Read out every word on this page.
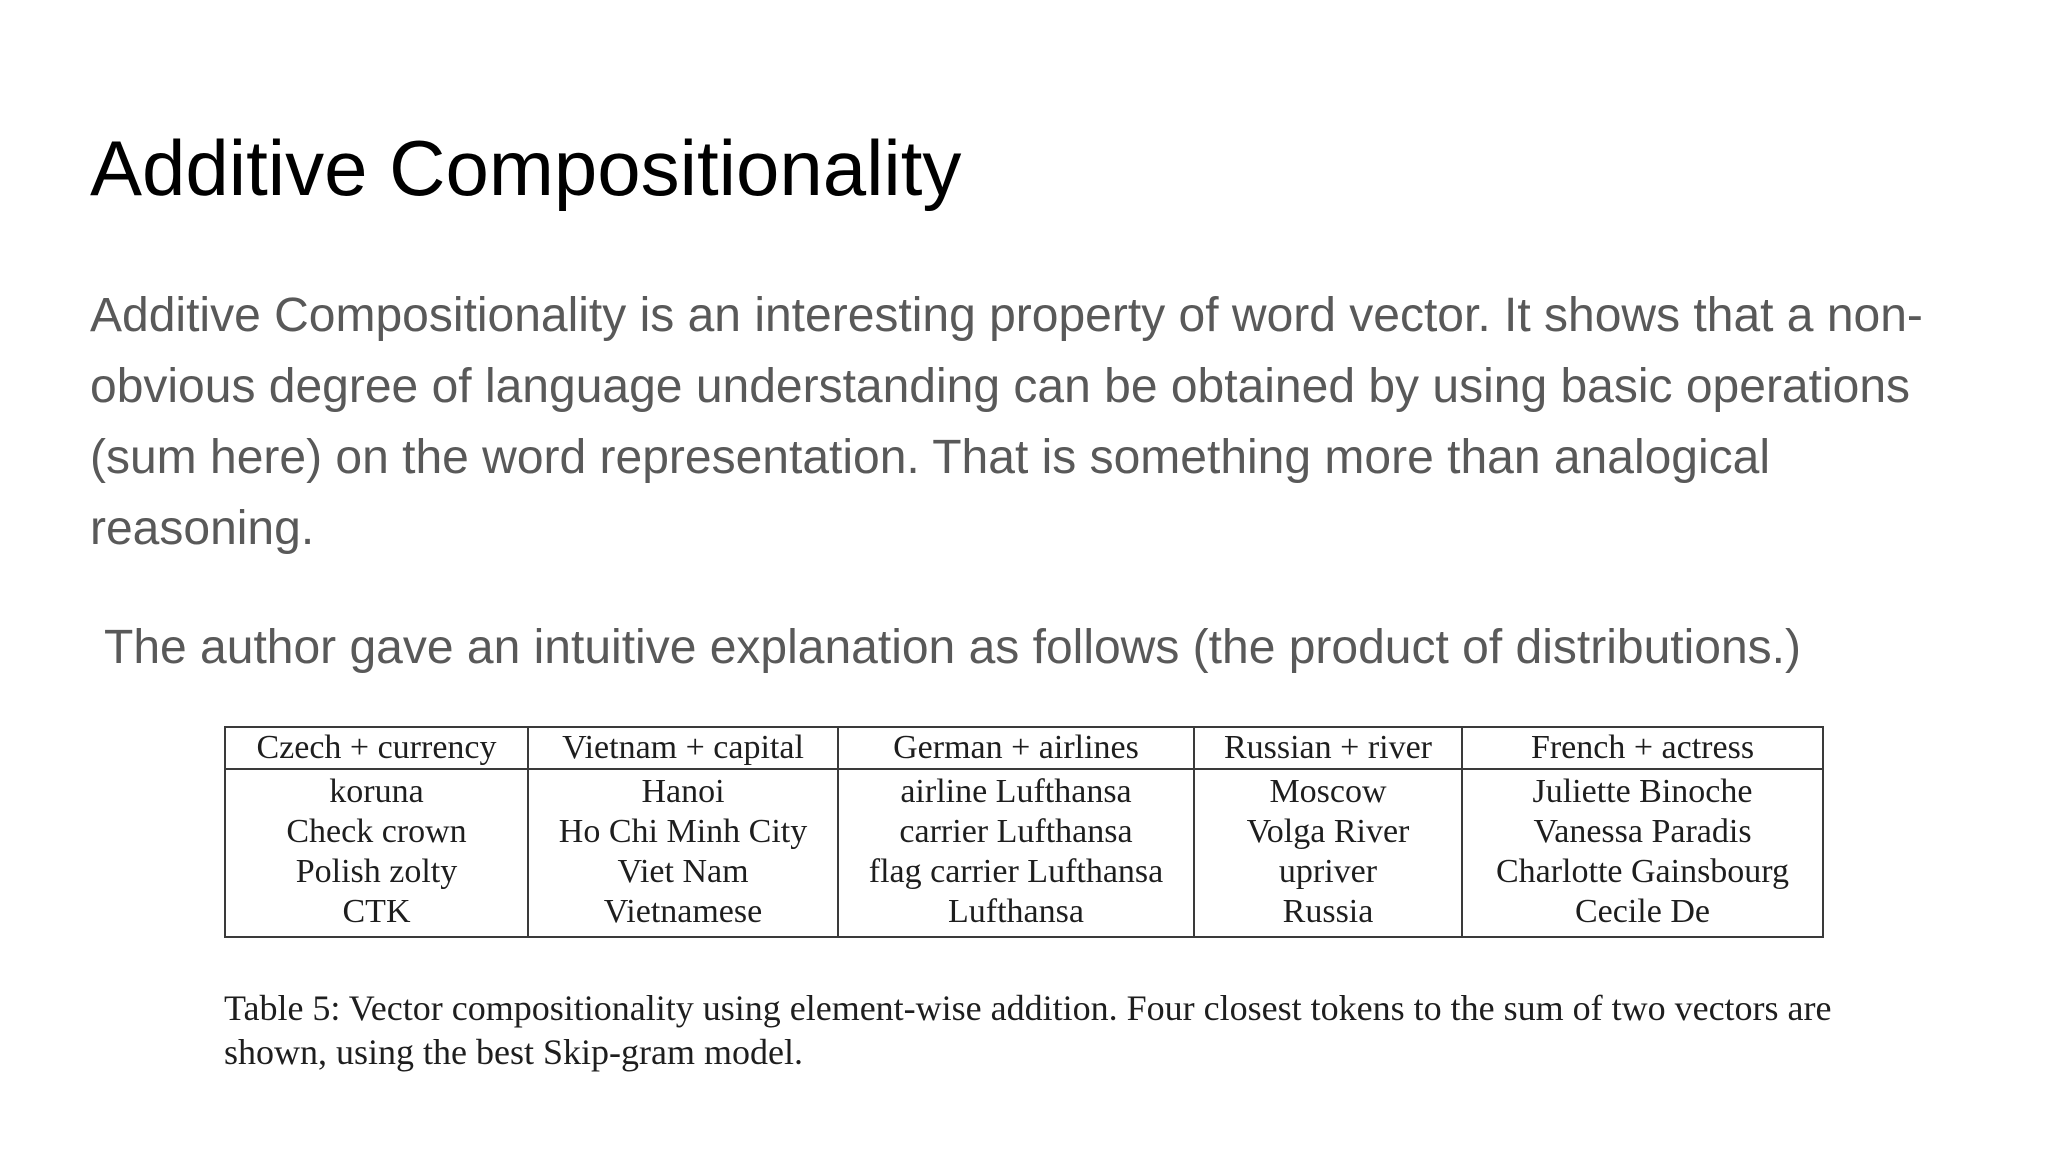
Additive Compositionality

Additive Compositionality is an interesting property of word vector. It shows that a non-obvious degree of language understanding can be obtained by using basic operations (sum here) on the word representation. That is something more than analogical reasoning.

The author gave an intuitive explanation as follows (the product of distributions.)

Czech + currency	Vietnam + capital	German + airlines	Russian + river	French + actress
koruna	Hanoi	airline Lufthansa	Moscow	Juliette Binoche
Check crown	Ho Chi Minh City	carrier Lufthansa	Volga River	Vanessa Paradis
Polish zolty	Viet Nam	flag carrier Lufthansa	upriver	Charlotte Gainsbourg
CTK	Vietnamese	Lufthansa	Russia	Cecile De

Table 5: Vector compositionality using element-wise addition. Four closest tokens to the sum of two vectors are shown, using the best Skip-gram model.
